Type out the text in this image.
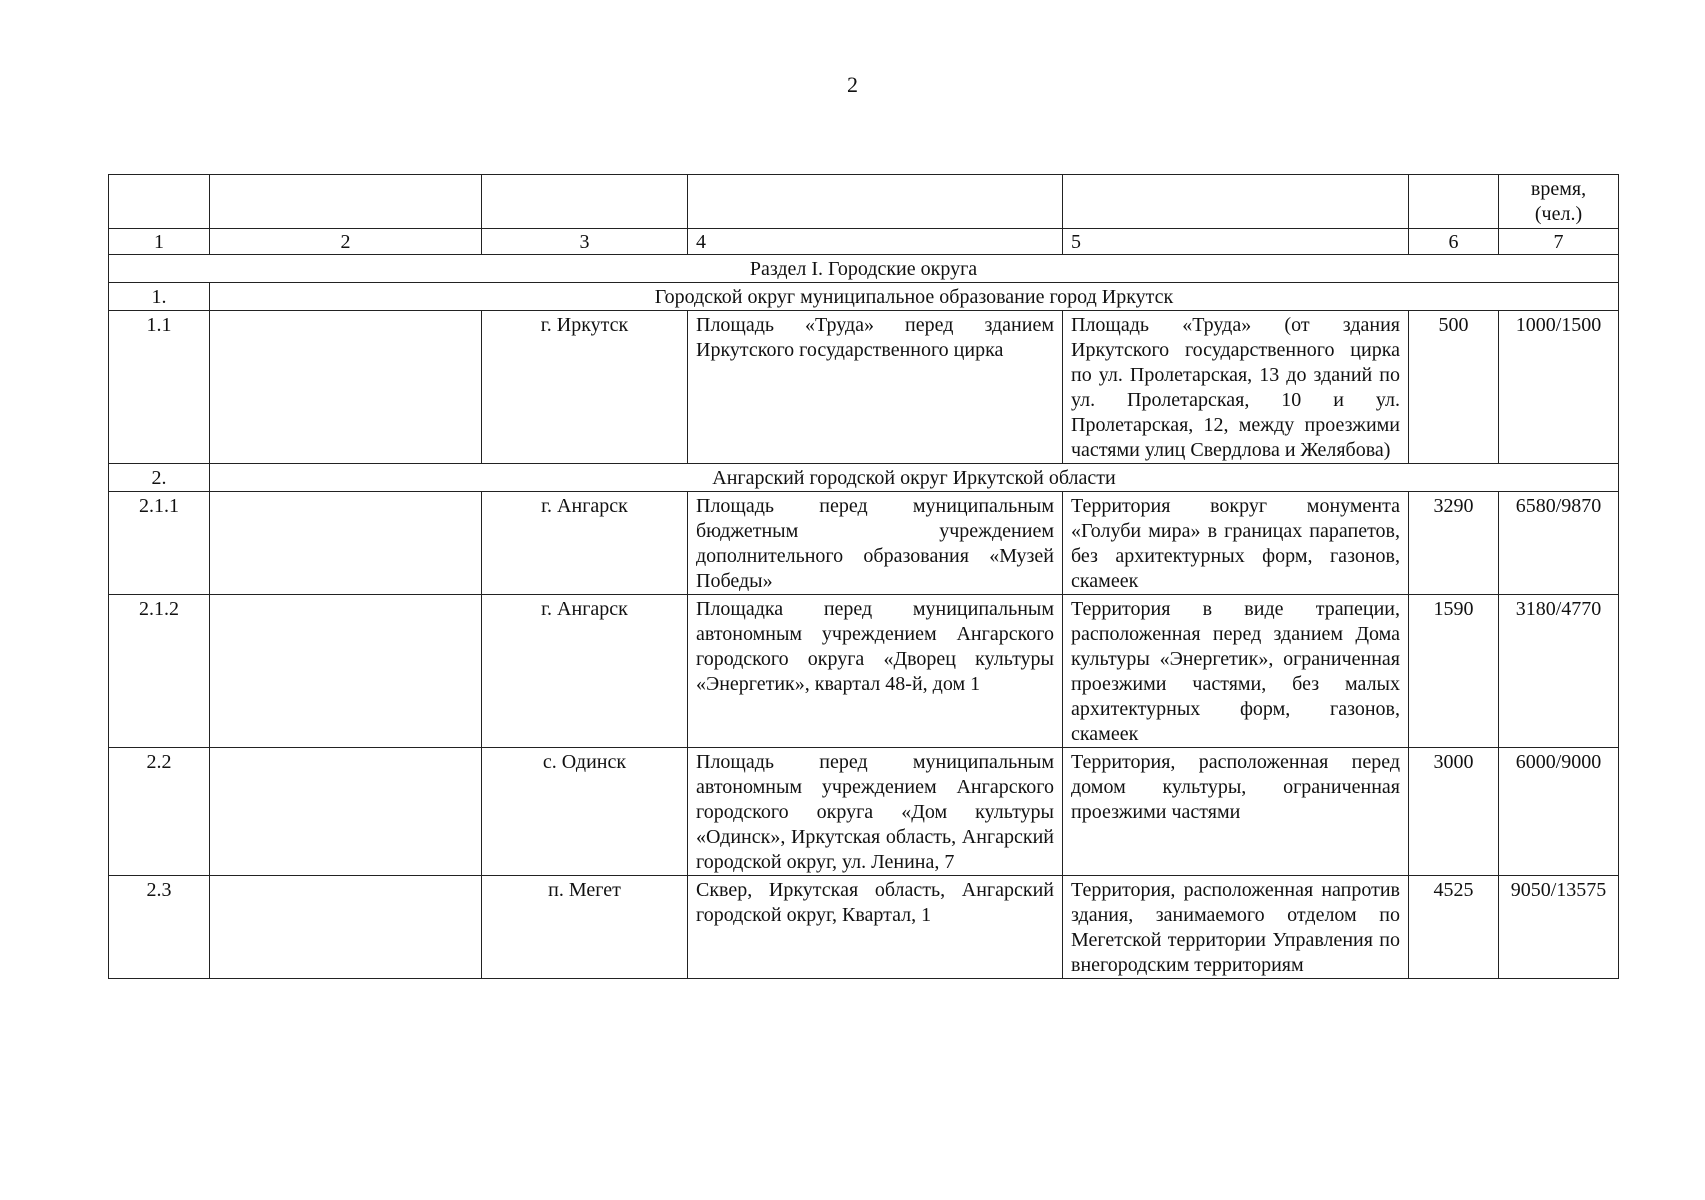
2

						время,
(чел.)

1	2	3	4	5	6	7
Раздел I. Городские округа						
1.	Городской округ муниципальное образование город Иркутск					
1.1		г. Иркутск	Площадь «Труда» перед зданием Иркутского государственного цирка	Площадь «Труда» (от здания Иркутского государственного цирка по ул. Пролетарская, 13 до зданий по ул. Пролетарская, 10 и ул. Пролетарская, 12, между проезжими частями улиц Свердлова и Желябова)	500	1000/1500
2.	Ангарский городской округ Иркутской области					
2.1.1		г. Ангарск	Площадь перед муниципальным бюджетным учреждением дополнительного образования «Музей Победы»	Территория вокруг монумента «Голуби мира» в границах парапетов, без архитектурных форм, газонов, скамеек	3290	6580/9870
2.1.2		г. Ангарск	Площадка перед муниципальным автономным учреждением Ангарского городского округа «Дворец культуры «Энергетик», квартал 48-й, дом 1	Территория в виде трапеции, расположенная перед зданием Дома культуры «Энергетик», ограниченная проезжими частями, без малых архитектурных форм, газонов, скамеек	1590	3180/4770
2.2		с. Одинск	Площадь перед муниципальным автономным учреждением Ангарского городского округа «Дом культуры «Одинск», Иркутская область, Ангарский городской округ, ул. Ленина, 7	Территория, расположенная перед домом культуры, ограниченная проезжими частями	3000	6000/9000
2.3		п. Мегет	Сквер, Иркутская область, Ангарский городской округ, Квартал, 1	Территория, расположенная напротив здания, занимаемого отделом по Мегетской территории Управления по внегородским территориям	4525	9050/13575
